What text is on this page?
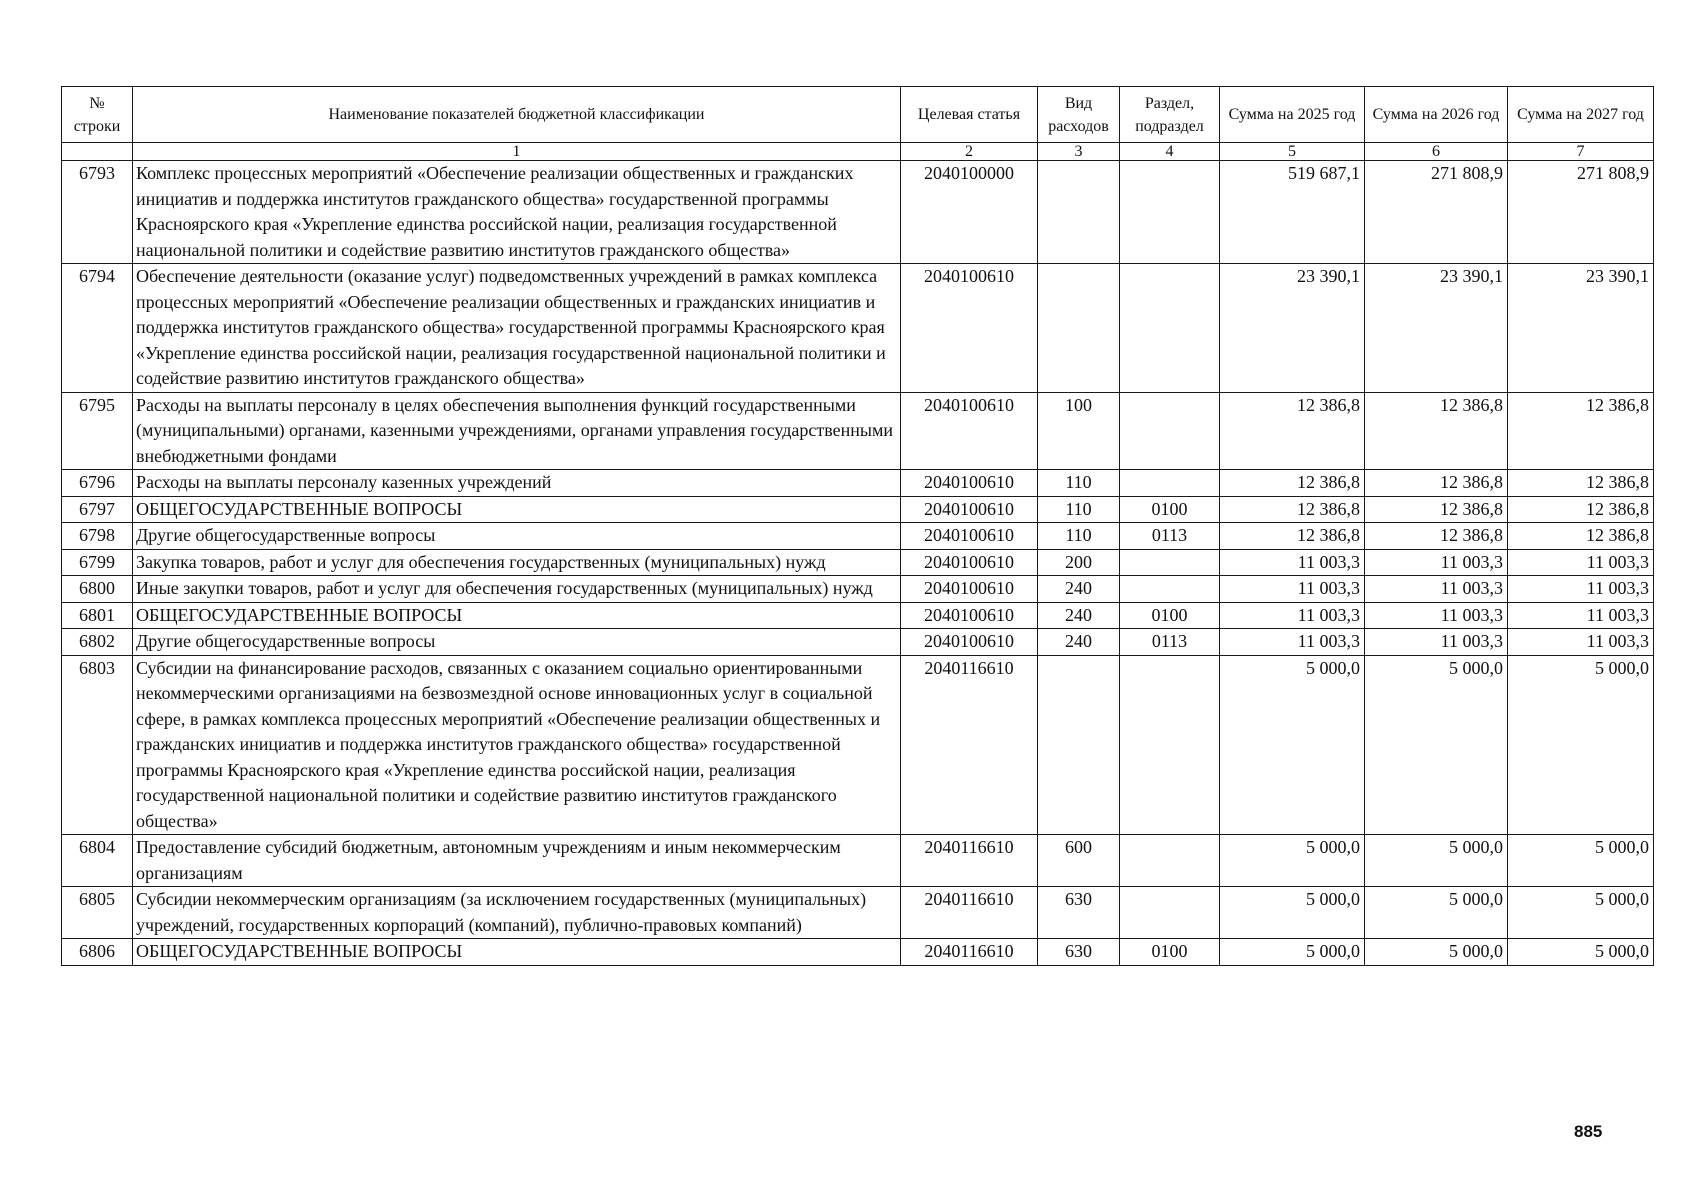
№ строки	Наименование показателей бюджетной классификации	Целевая статья	Вид расходов	Раздел, подраздел	Сумма на 2025 год	Сумма на 2026 год	Сумма на 2027 год
	1	2	3	4	5	6	7
6793	Комплекс процессных мероприятий «Обеспечение реализации общественных и гражданских инициатив и поддержка институтов гражданского общества» государственной программы Красноярского края «Укрепление единства российской нации, реализация государственной национальной политики и содействие развитию институтов гражданского общества»	2040100000			519 687,1	271 808,9	271 808,9
6794	Обеспечение деятельности (оказание услуг) подведомственных учреждений в рамках комплекса процессных мероприятий «Обеспечение реализации общественных и гражданских инициатив и поддержка институтов гражданского общества» государственной программы Красноярского края «Укрепление единства российской нации, реализация государственной национальной политики и содействие развитию институтов гражданского общества»	2040100610			23 390,1	23 390,1	23 390,1
6795	Расходы на выплаты персоналу в целях обеспечения выполнения функций государственными (муниципальными) органами, казенными учреждениями, органами управления государственными внебюджетными фондами	2040100610	100		12 386,8	12 386,8	12 386,8
6796	Расходы на выплаты персоналу казенных учреждений	2040100610	110		12 386,8	12 386,8	12 386,8
6797	ОБЩЕГОСУДАРСТВЕННЫЕ ВОПРОСЫ	2040100610	110	0100	12 386,8	12 386,8	12 386,8
6798	Другие общегосударственные вопросы	2040100610	110	0113	12 386,8	12 386,8	12 386,8
6799	Закупка товаров, работ и услуг для обеспечения государственных (муниципальных) нужд	2040100610	200		11 003,3	11 003,3	11 003,3
6800	Иные закупки товаров, работ и услуг для обеспечения государственных (муниципальных) нужд	2040100610	240		11 003,3	11 003,3	11 003,3
6801	ОБЩЕГОСУДАРСТВЕННЫЕ ВОПРОСЫ	2040100610	240	0100	11 003,3	11 003,3	11 003,3
6802	Другие общегосударственные вопросы	2040100610	240	0113	11 003,3	11 003,3	11 003,3
6803	Субсидии на финансирование расходов, связанных с оказанием социально ориентированными некоммерческими организациями на безвозмездной основе инновационных услуг в социальной сфере, в рамках комплекса процессных мероприятий «Обеспечение реализации общественных и гражданских инициатив и поддержка институтов гражданского общества» государственной программы Красноярского края «Укрепление единства российской нации, реализация государственной национальной политики и содействие развитию институтов гражданского общества»	2040116610			5 000,0	5 000,0	5 000,0
6804	Предоставление субсидий бюджетным, автономным учреждениям и иным некоммерческим организациям	2040116610	600		5 000,0	5 000,0	5 000,0
6805	Субсидии некоммерческим организациям (за исключением государственных (муниципальных) учреждений, государственных корпораций (компаний), публично-правовых компаний)	2040116610	630		5 000,0	5 000,0	5 000,0
6806	ОБЩЕГОСУДАРСТВЕННЫЕ ВОПРОСЫ	2040116610	630	0100	5 000,0	5 000,0	5 000,0
885
